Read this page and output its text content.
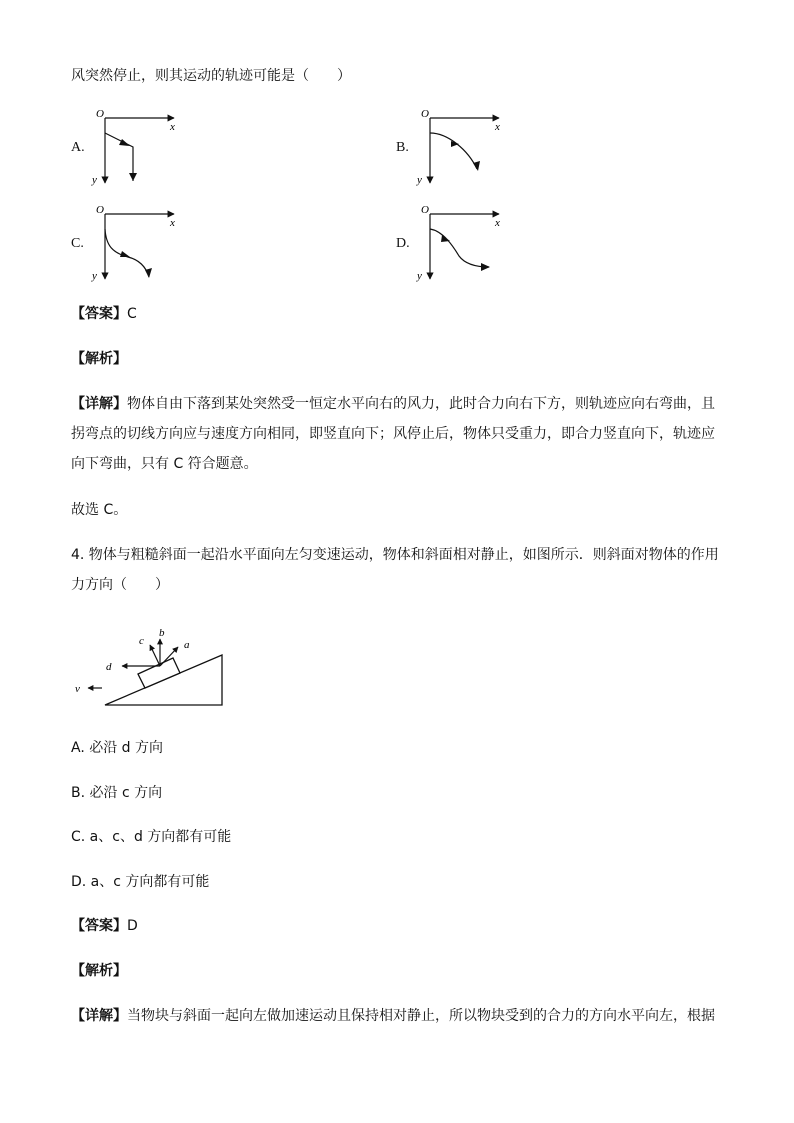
风突然停止，则其运动的轨迹可能是（　　）
A.
O
x
y
B.
O
x
y
C.
O
x
y
D.
O
x
y
【答案】C
【解析】
【详解】物体自由下落到某处突然受一恒定水平向右的风力，此时合力向右下方，则轨迹应向右弯曲，且
拐弯点的切线方向应与速度方向相同，即竖直向下；风停止后，物体只受重力，即合力竖直向下，轨迹应
向下弯曲，只有 C 符合题意。
故选 C。
4. 物体与粗糙斜面一起沿水平面向左匀变速运动，物体和斜面相对静止，如图所示．则斜面对物体的作用
力方向（　　）
c
b
a
d
v
A. 必沿 d 方向
B. 必沿 c 方向
C. a、c、d 方向都有可能
D. a、c 方向都有可能
【答案】D
【解析】
【详解】当物块与斜面一起向左做加速运动且保持相对静止，所以物块受到的合力的方向水平向左，根据
